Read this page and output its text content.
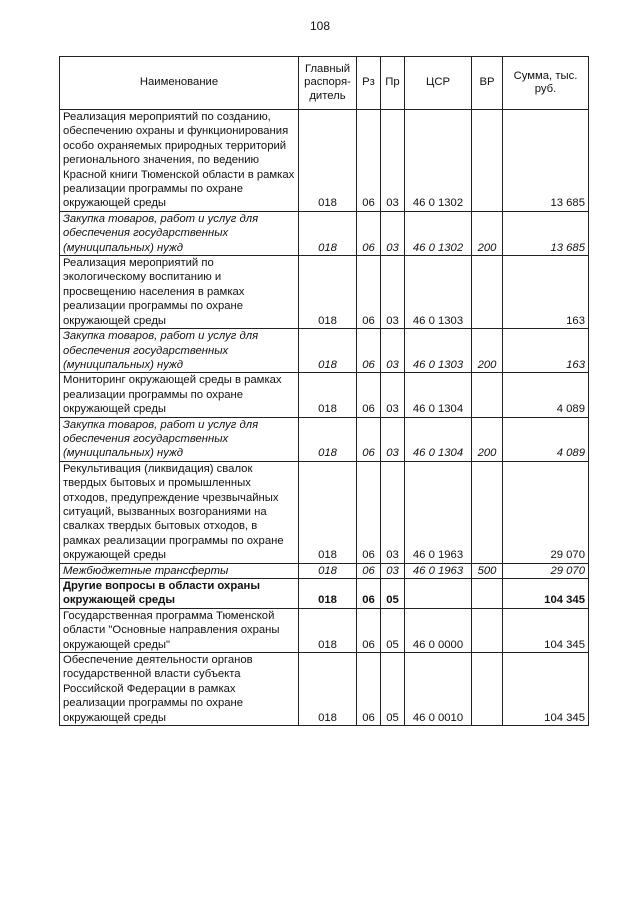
108
Наименование	Главный распоря-дитель	Рз	Пр	ЦСР	ВР	Сумма, тыс. руб.
Реализация мероприятий по созданию, обеспечению охраны и функционирования особо охраняемых природных территорий регионального значения, по ведению Красной книги Тюменской области в рамках реализации программы по охране окружающей среды	018	06	03	46 0 1302		13 685
Закупка товаров, работ и услуг для обеспечения государственных (муниципальных) нужд	018	06	03	46 0 1302	200	13 685
Реализация мероприятий по экологическому воспитанию и просвещению населения в рамках реализации программы по охране окружающей среды	018	06	03	46 0 1303		163
Закупка товаров, работ и услуг для обеспечения государственных (муниципальных) нужд	018	06	03	46 0 1303	200	163
Мониторинг окружающей среды в рамках реализации программы по охране окружающей среды	018	06	03	46 0 1304		4 089
Закупка товаров, работ и услуг для обеспечения государственных (муниципальных) нужд	018	06	03	46 0 1304	200	4 089
Рекультивация (ликвидация) свалок твердых бытовых и промышленных отходов, предупреждение чрезвычайных ситуаций, вызванных возгораниями на свалках твердых бытовых отходов, в рамках реализации программы по охране окружающей среды	018	06	03	46 0 1963		29 070
Межбюджетные трансферты	018	06	03	46 0 1963	500	29 070
Другие вопросы в области охраны окружающей среды	018	06	05			104 345
Государственная программа Тюменской области "Основные направления охраны окружающей среды"	018	06	05	46 0 0000		104 345
Обеспечение деятельности органов государственной власти субъекта Российской Федерации в рамках реализации программы по охране окружающей среды	018	06	05	46 0 0010		104 345
